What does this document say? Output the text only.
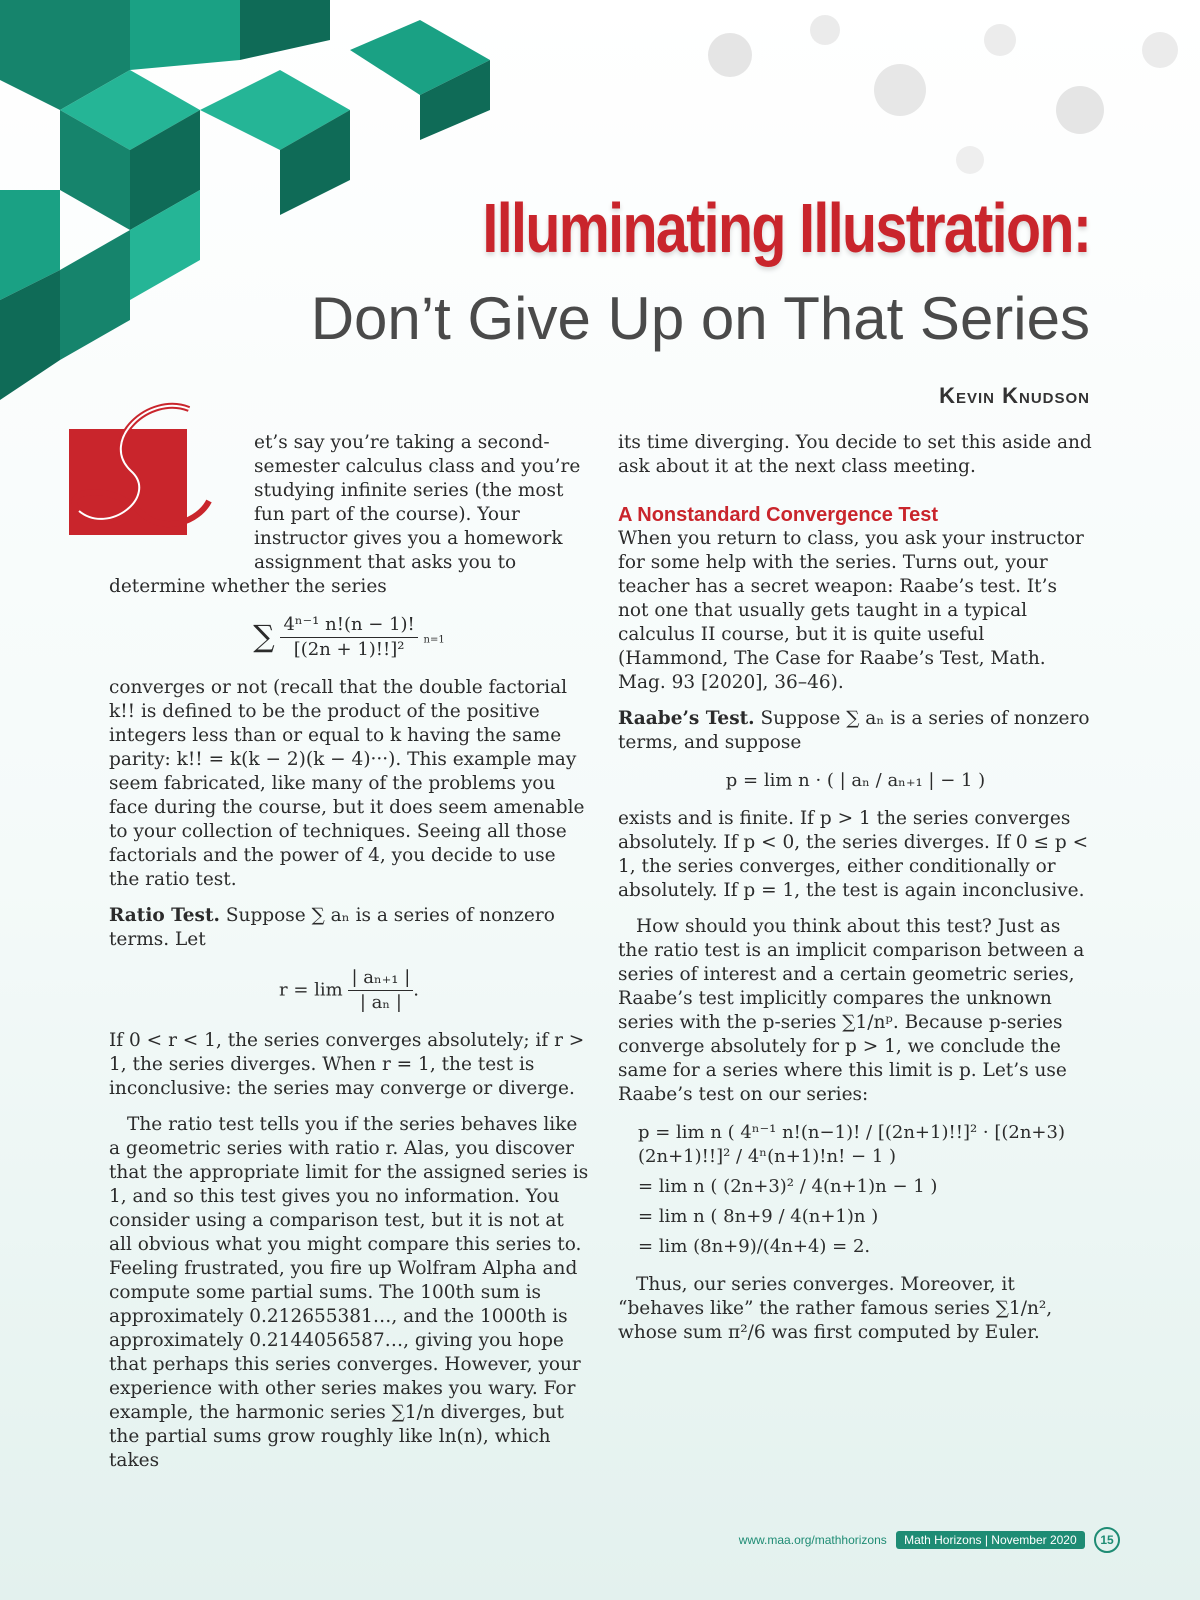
Illuminating Illustration:
Don’t Give Up on That Series
Kevin Knudson

et’s say you’re taking a second-semester calculus class and you’re studying infinite series (the most fun part of the course). Your instructor gives you a homework assignment that asks you to

determine whether the series

∑ $\frac{\text{4ⁿ⁻¹ n!(n − 1)!}}{\text{[(2n + 1)!!]²}} n=1$

converges or not (recall that the double factorial k!! is defined to be the product of the positive integers less than or equal to k having the same parity: k!! = k(k − 2)(k − 4)···). This example may seem fabricated, like many of the problems you face during the course, but it does seem amenable to your collection of techniques. Seeing all those factorials and the power of 4, you decide to use the ratio test.

Ratio Test. Suppose ∑ aₙ is a series of nonzero terms. Let

$r = \lim \frac{\text{| aₙ₊₁ |}}{\text{| aₙ |}}$ .

If 0 < r < 1, the series converges absolutely; if r > 1, the series diverges. When r = 1, the test is inconclusive: the series may converge or diverge.

The ratio test tells you if the series behaves like a geometric series with ratio r. Alas, you discover that the appropriate limit for the assigned series is 1, and so this test gives you no information. You consider using a comparison test, but it is not at all obvious what you might compare this series to. Feeling frustrated, you fire up Wolfram Alpha and compute some partial sums. The 100th sum is approximately 0.212655381…, and the 1000th is approximately 0.2144056587…, giving you hope that perhaps this series converges. However, your experience with other series makes you wary. For example, the harmonic series ∑1/n diverges, but the partial sums grow roughly like ln(n), which takes

its time diverging. You decide to set this aside and ask about it at the next class meeting.

A Nonstandard Convergence Test

When you return to class, you ask your instructor for some help with the series. Turns out, your teacher has a secret weapon: Raabe’s test. It’s not one that usually gets taught in a typical calculus II course, but it is quite useful (Hammond, The Case for Raabe’s Test, Math. Mag. 93 [2020], 36–46).

Raabe’s Test. Suppose ∑ aₙ is a series of nonzero terms, and suppose

p = lim n · ( | aₙ / aₙ₊₁ | − 1 )

exists and is finite. If p > 1 the series converges absolutely. If p < 0, the series diverges. If 0 ≤ p < 1, the series converges, either conditionally or absolutely. If p = 1, the test is again inconclusive.

How should you think about this test? Just as the ratio test is an implicit comparison between a series of interest and a certain geometric series, Raabe’s test implicitly compares the unknown series with the p-series ∑1/nᵖ. Because p-series converge absolutely for p > 1, we conclude the same for a series where this limit is p. Let’s use Raabe’s test on our series:

p = lim n ( 4ⁿ⁻¹ n!(n−1)! / [(2n+1)!!]² · [(2n+3)(2n+1)!!]² / 4ⁿ(n+1)!n! − 1 )
= lim n ( (2n+3)² / 4(n+1)n − 1 )
= lim n ( 8n+9 / 4(n+1)n )
= lim (8n+9)/(4n+4) = 2.

Thus, our series converges. Moreover, it “behaves like” the rather famous series ∑1/n², whose sum π²/6 was first computed by Euler.

www.maa.org/mathhorizons Math Horizons | November 2020 15
